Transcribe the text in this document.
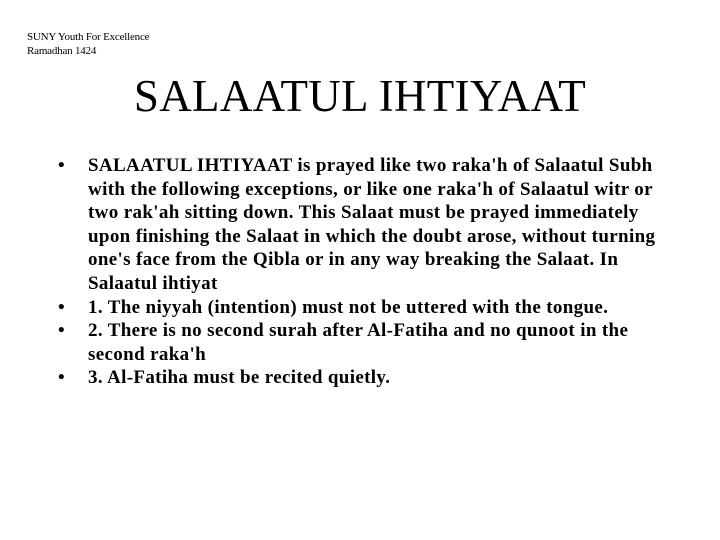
SUNY Youth For Excellence
Ramadhan 1424
SALAATUL IHTIYAAT
•	SALAATUL IHTIYAAT is prayed like two raka'h of Salaatul Subh with the following exceptions, or like one raka'h of Salaatul witr or two rak'ah sitting down. This Salaat must be prayed immediately upon finishing the Salaat in which the doubt arose, without turning one's face from the Qibla or in any way breaking the Salaat. In Salaatul ihtiyat
•	1. The niyyah (intention) must not be uttered with the tongue.
•	2. There is no second surah after Al-Fatiha and no qunoot in the second raka'h
•	3. Al-Fatiha must be recited quietly.
